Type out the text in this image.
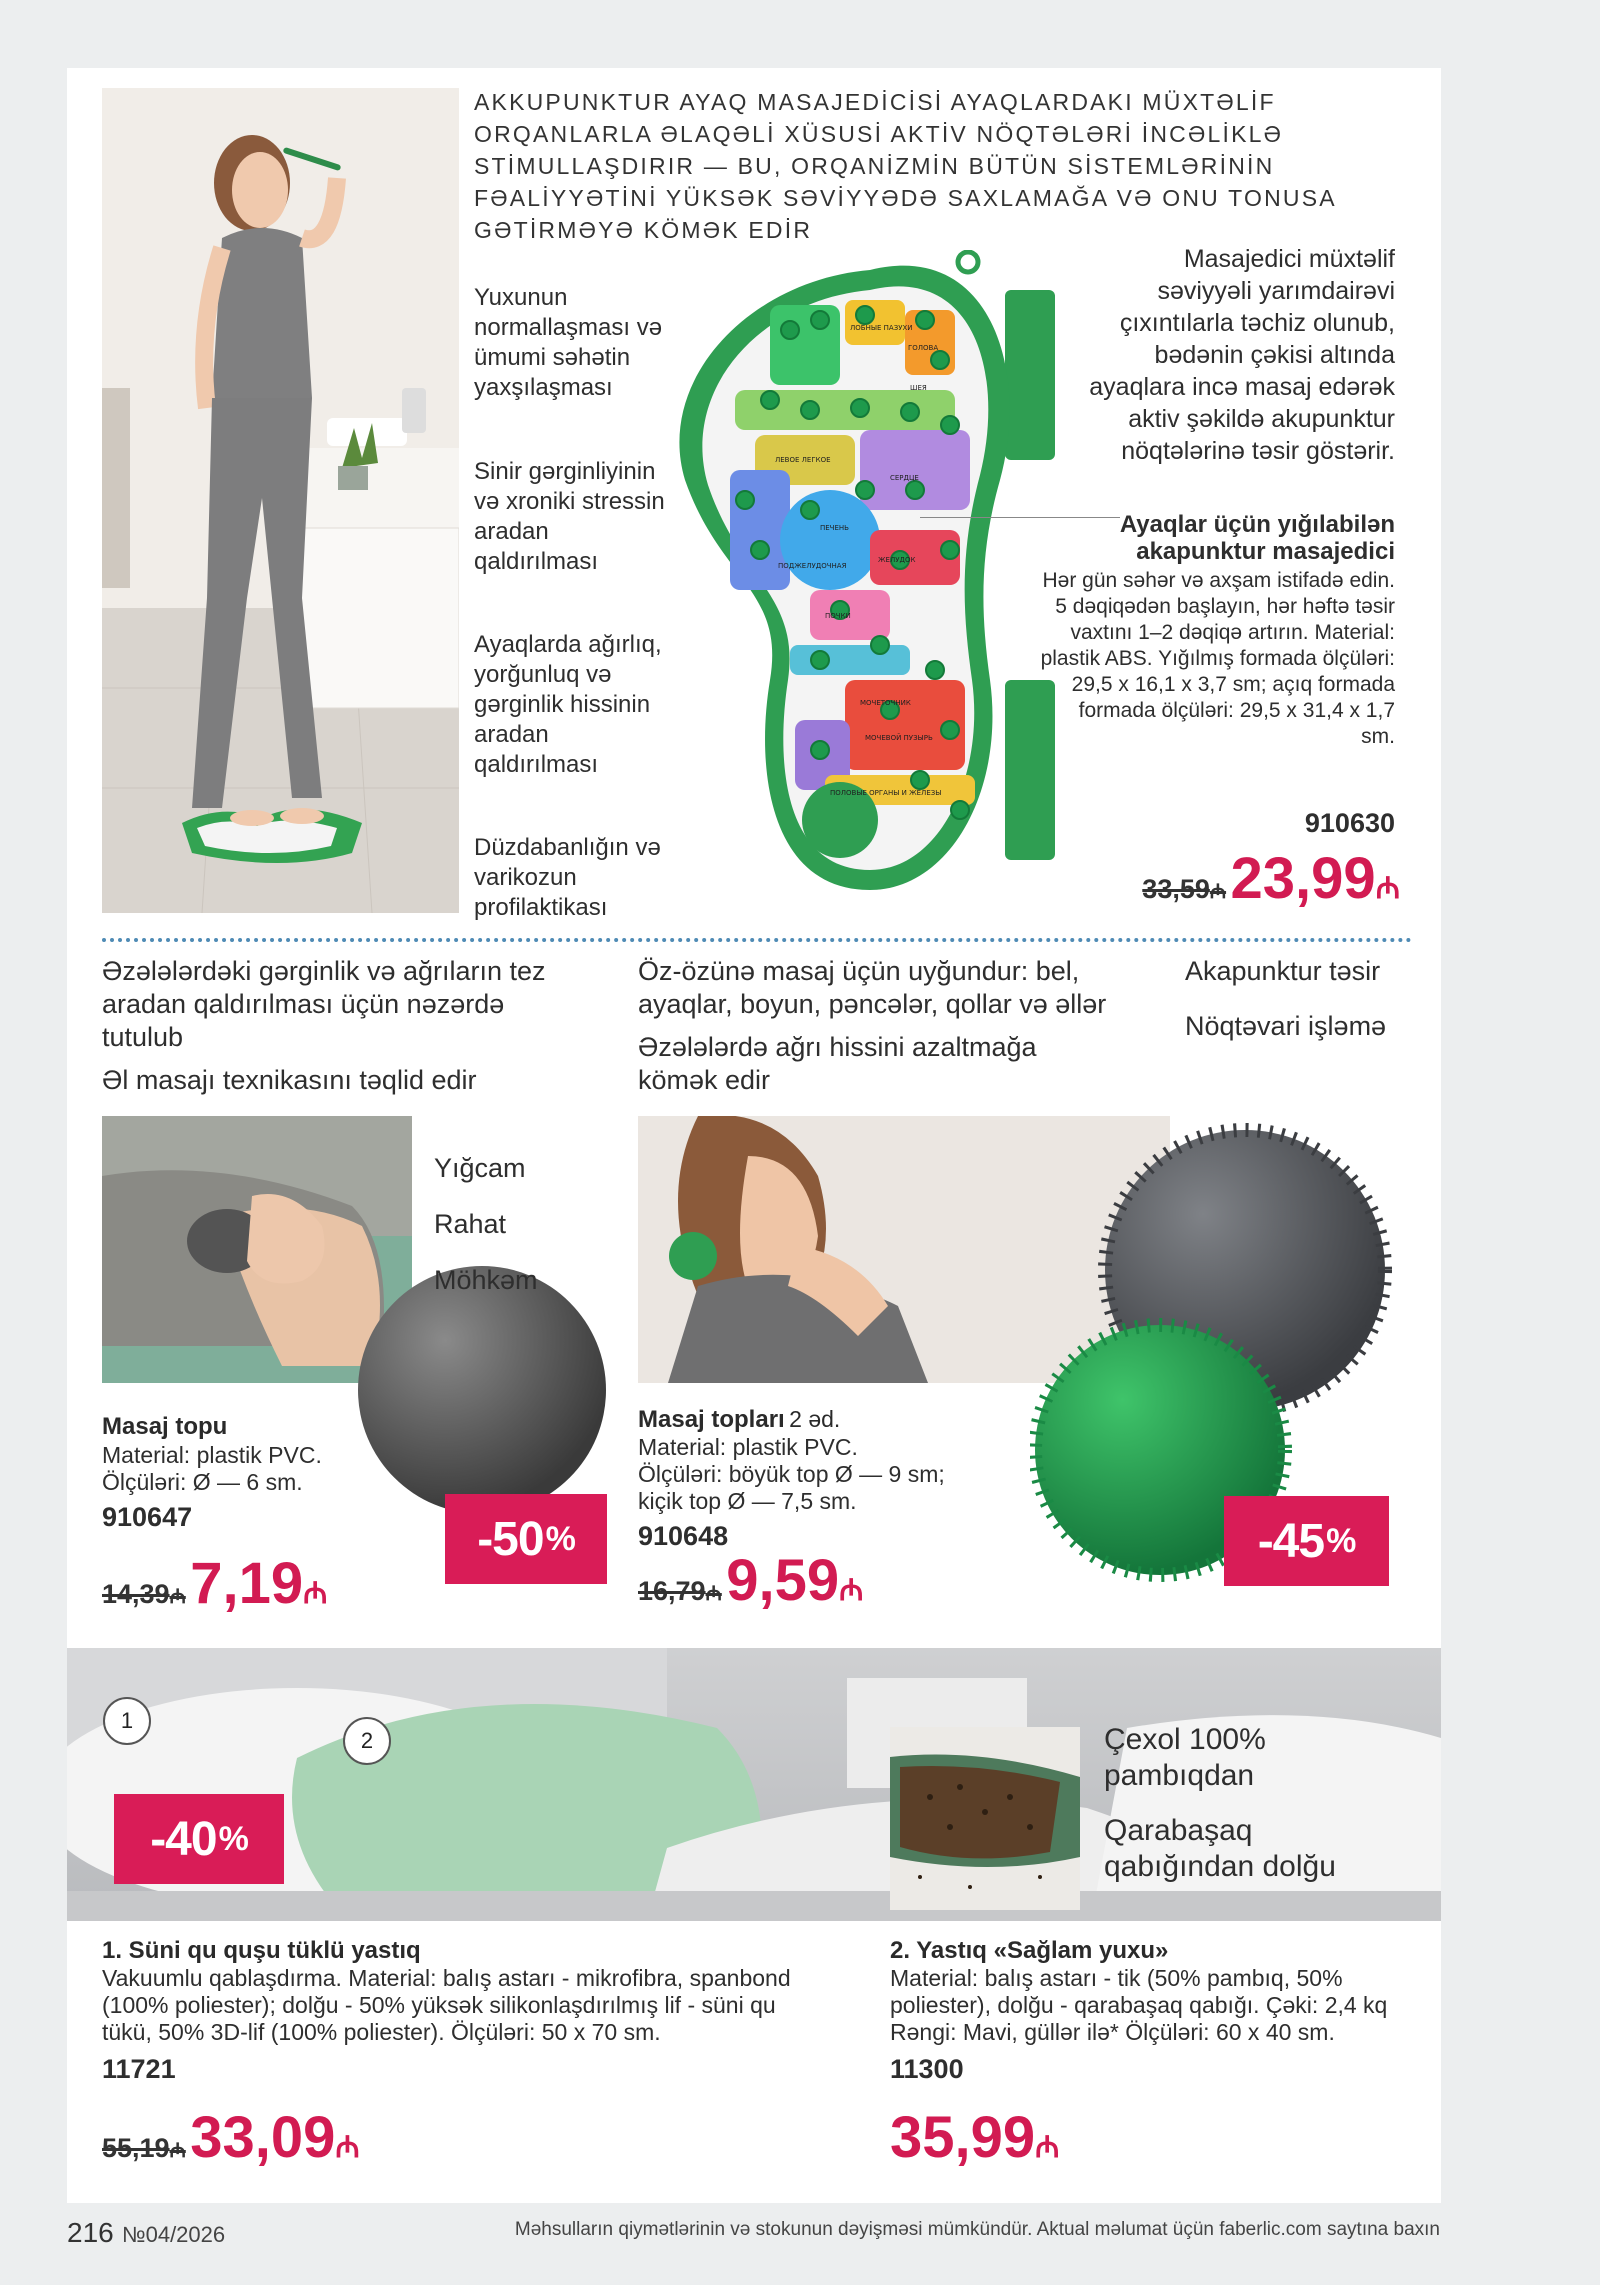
AKKUPUNKTUR AYAQ MASAJEDİCİSİ AYAQLARDAKI MÜXTƏLİF ORQANLARLA ƏLAQƏLİ XÜSUSİ AKTİV NÖQTƏLƏRİ İNCƏLİKLƏ STİMULLAŞDIRIR — BU, ORQANİZMİN BÜTÜN SİSTEMLƏRİNİN FƏALİYYƏTİNİ YÜKSƏK SƏVİYYƏDƏ SAXLAMAĞA VƏ ONU TONUSA GƏTİRMƏYƏ KÖMƏK EDİR
Yuxunun normallaşması və ümumi səhətin yaxşılaşması
Sinir gərginliyinin və xroniki stressin aradan qaldırılması
Ayaqlarda ağırlıq, yorğunluq və gərginlik hissinin aradan qaldırılması
Düzdabanlığın və varikozun profilaktikası
ЛОБНЫЕ ПАЗУХИ
ГОЛОВА
ШЕЯ
ЛЕВОЕ ЛЕГКОЕ
СЕРДЦЕ
ПЕЧЕНЬ
ПОДЖЕЛУДОЧНАЯ
ПОЧКИ
ЖЕЛУДОК
МОЧЕТОЧНИК
МОЧЕВОЙ ПУЗЫРЬ
ПОЛОВЫЕ ОРГАНЫ И ЖЕЛЕЗЫ
Masajedici müxtəlif səviyyəli yarımdairəvi çıxıntılarla təchiz olunub, bədənin çəkisi altında ayaqlara incə masaj edərək aktiv şəkildə akupunktur nöqtələrinə təsir göstərir.
Ayaqlar üçün yığılabilən akapunktur masajedici
Hər gün səhər və axşam istifadə edin. 5 dəqiqədən başlayın, hər həftə təsir vaxtını 1–2 dəqiqə artırın. Material: plastik ABS. Yığılmış formada ölçüləri: 29,5 x 16,1 x 3,7 sm; açıq formada formada ölçüləri: 29,5 x 31,4 x 1,7 sm.
910630
33,59₼ 23,99₼
Əzələlərdəki gərginlik və ağrıların tez aradan qaldırılması üçün nəzərdə tutulub
Əl masajı texnikasını təqlid edir
Öz-özünə masaj üçün uyğundur: bel, ayaqlar, boyun, pəncələr, qollar və əllər
Əzələlərdə ağrı hissini azaltmağa kömək edir
Akapunktur təsir
Nöqtəvari işləmə
Yığcam
Rahat
Möhkəm
Masaj topu
Material: plastik PVC.
Ölçüləri: Ø — 6 sm.
910647
14,39₼ 7,19₼
-50 %
Masaj topları 2 əd.
Material: plastik PVC.
Ölçüləri: böyük top Ø — 9 sm;
kiçik top Ø — 7,5 sm.
910648
16,79₼ 9,59₼
-45 %
1
2
-40 %
Çexol 100% pambıqdan
Qarabaşaq qabığından dolğu
1. Süni qu quşu tüklü yastıq
Vakuumlu qablaşdırma. Material: balış astarı - mikrofibra, spanbond (100% poliester); dolğu - 50% yüksək silikonlaşdırılmış lif - süni qu tükü, 50% 3D-lif (100% poliester). Ölçüləri: 50 x 70 sm.
11721
55,19₼ 33,09₼
2. Yastıq «Sağlam yuxu»
Material: balış astarı - tik (50% pambıq, 50% poliester), dolğu - qarabaşaq qabığı. Çəki: 2,4 kq Rəngi: Mavi, güllər ilə* Ölçüləri: 60 x 40 sm.
11300
35,99₼
216 №04/2026	Məhsulların qiymətlərinin və stokunun dəyişməsi mümkündür. Aktual məlumat üçün faberlic.com saytına baxın
